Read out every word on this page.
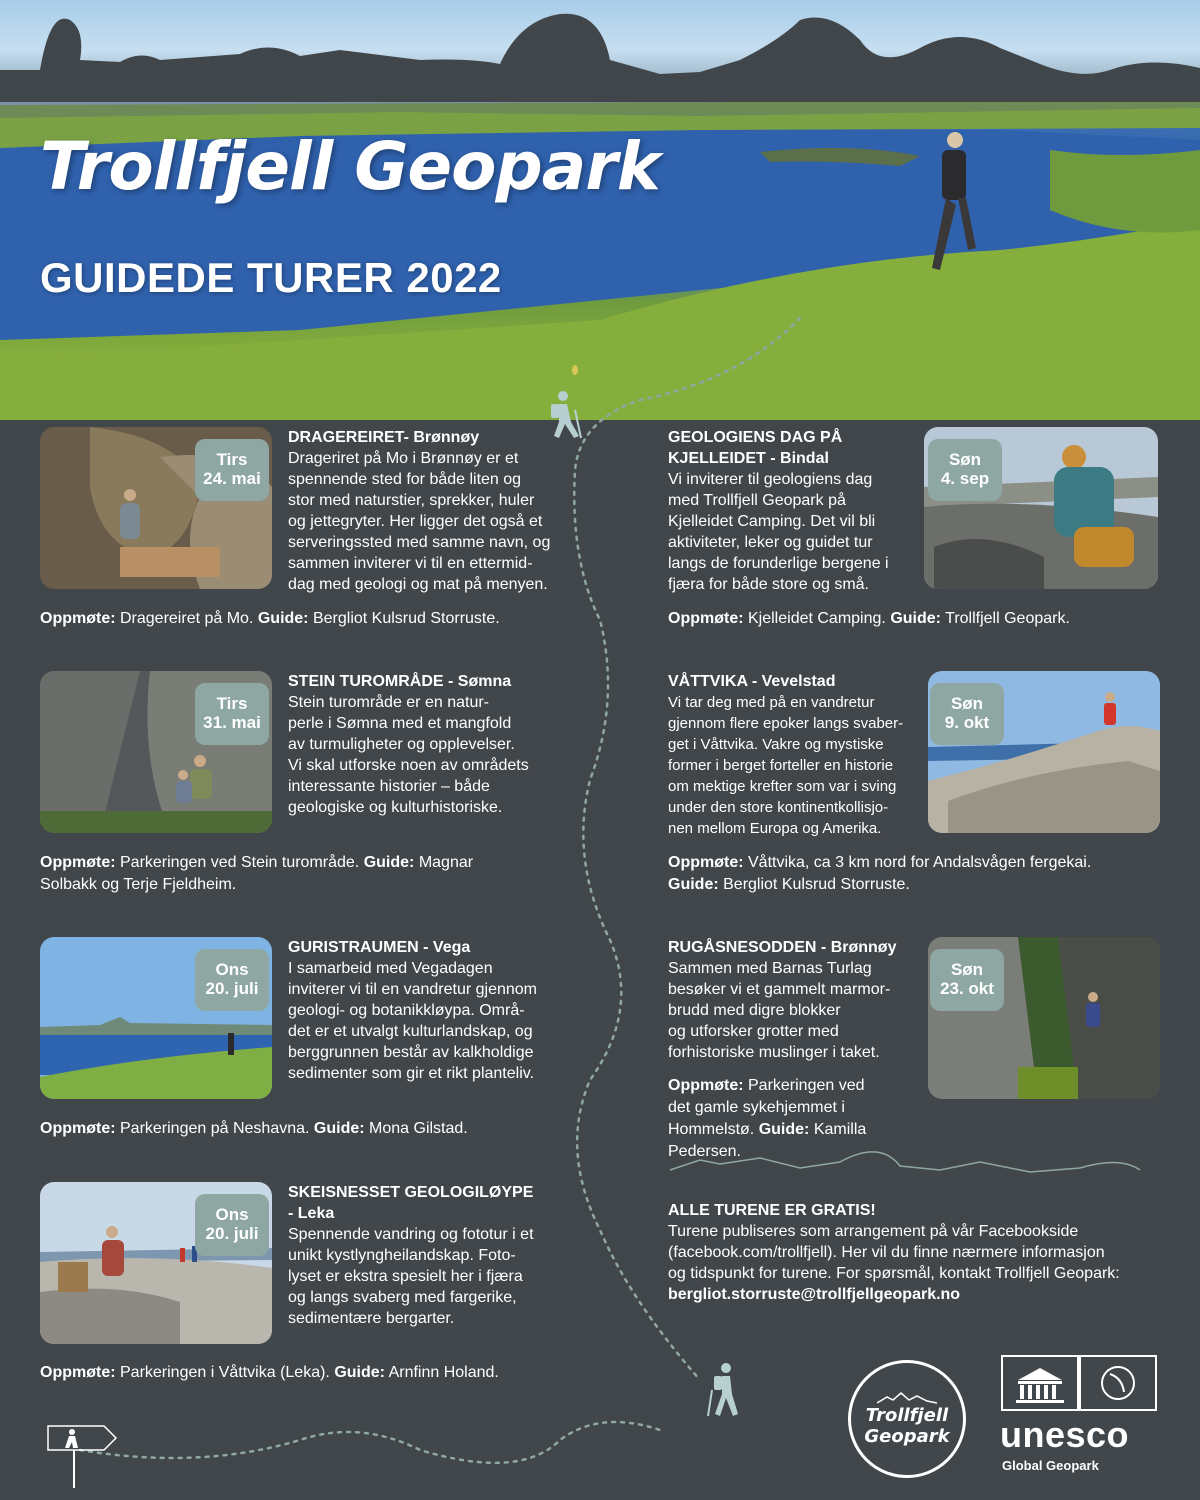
Trollfjell Geopark
GUIDEDE TURER 2022
Tirs
24. mai
DRAGEREIRET- Brønnøy
Drageriret på Mo i Brønnøy er et
spennende sted for både liten og
stor med naturstier, sprekker, huler
og jettegryter. Her ligger det også et
serveringssted med samme navn, og
sammen inviterer vi til en ettermid-
dag med geologi og mat på menyen.
Oppmøte: Dragereiret på Mo. Guide: Bergliot Kulsrud Storruste.
Tirs
31. mai
STEIN TUROMRÅDE - Sømna
Stein turområde er en natur-
perle i Sømna med et mangfold
av turmuligheter og opplevelser.
Vi skal utforske noen av områdets
interessante historier – både
geologiske og kulturhistoriske.
Oppmøte: Parkeringen ved Stein turområde. Guide: Magnar
Solbakk og Terje Fjeldheim.
Ons
20. juli
GURISTRAUMEN - Vega
I samarbeid med Vegadagen
inviterer vi til en vandretur gjennom
geologi- og botanikkløypa. Områ-
det er et utvalgt kulturlandskap, og
berggrunnen består av kalkholdige
sedimenter som gir et rikt planteliv.
Oppmøte: Parkeringen på Neshavna. Guide: Mona Gilstad.
Ons
20. juli
SKEISNESSET GEOLOGILØYPE
- Leka
Spennende vandring og fototur i et
unikt kystlyngheilandskap. Foto-
lyset er ekstra spesielt her i fjæra
og langs svaberg med fargerike,
sedimentære bergarter.
Oppmøte: Parkeringen i Våttvika (Leka). Guide: Arnfinn Holand.
GEOLOGIENS DAG PÅ
KJELLEIDET - Bindal
Vi inviterer til geologiens dag
med Trollfjell Geopark på
Kjelleidet Camping. Det vil bli
aktiviteter, leker og guidet tur
langs de forunderlige bergene i
fjæra for både store og små.
Søn
4. sep
Oppmøte: Kjelleidet Camping. Guide: Trollfjell Geopark.
VÅTTVIKA - Vevelstad
Vi tar deg med på en vandretur
gjennom flere epoker langs svaber-
get i Våttvika. Vakre og mystiske
former i berget forteller en historie
om mektige krefter som var i sving
under den store kontinentkollisjo-
nen mellom Europa og Amerika.
Søn
9. okt
Oppmøte: Våttvika, ca 3 km nord for Andalsvågen fergekai.
Guide: Bergliot Kulsrud Storruste.
RUGÅSNESODDEN - Brønnøy
Sammen med Barnas Turlag
besøker vi et gammelt marmor-
brudd med digre blokker
og utforsker grotter med
forhistoriske muslinger i taket.
Oppmøte: Parkeringen ved
det gamle sykehjemmet i
Hommelstø. Guide: Kamilla Pedersen.
Søn
23. okt
ALLE TURENE ER GRATIS!
Turene publiseres som arrangement på vår Facebookside
(facebook.com/trollfjell). Her vil du finne nærmere informasjon
og tidspunkt for turene. For spørsmål, kontakt Trollfjell Geopark:
bergliot.storruste@trollfjellgeopark.no
Trollfjell
Geopark unesco
Global Geopark
